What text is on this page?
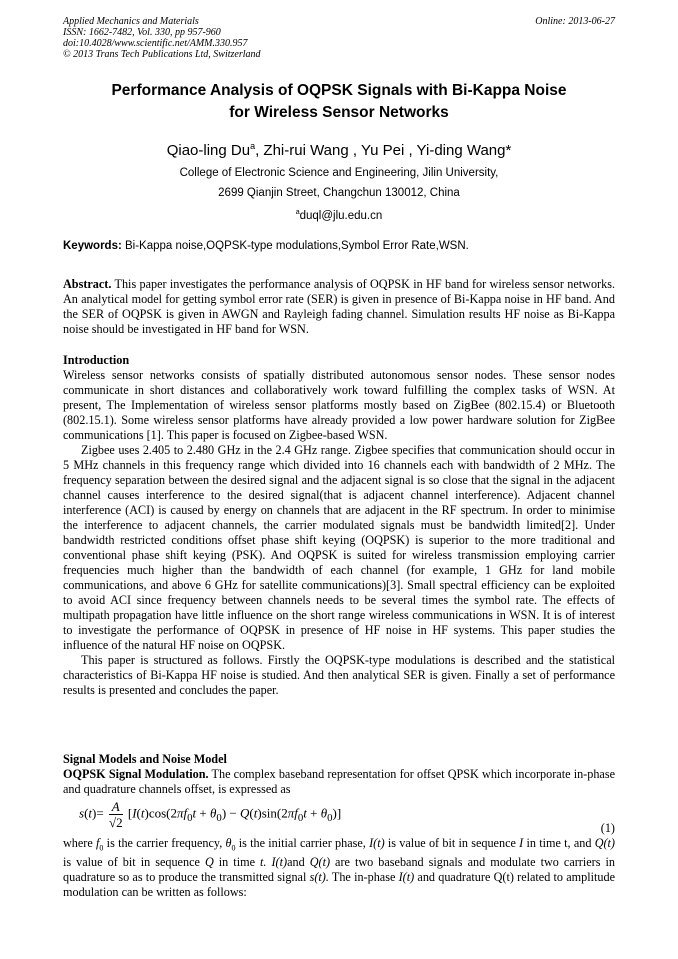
Applied Mechanics and Materials
ISSN: 1662-7482, Vol. 330, pp 957-960
doi:10.4028/www.scientific.net/AMM.330.957
© 2013 Trans Tech Publications Ltd, Switzerland
Online: 2013-06-27
Performance Analysis of OQPSK Signals with Bi-Kappa Noise
for Wireless Sensor Networks
Qiao-ling Du$^a$, Zhi-rui Wang , Yu Pei , Yi-ding Wang*
College of Electronic Science and Engineering, Jilin University,
2699 Qianjin Street, Changchun 130012, China
$^a$duql@jlu.edu.cn
Keywords: Bi-Kappa noise,OQPSK-type modulations,Symbol Error Rate,WSN.

Abstract. This paper investigates the performance analysis of OQPSK in HF band for wireless sensor networks. An analytical model for getting symbol error rate (SER) is given in presence of Bi-Kappa noise in HF band. And the SER of OQPSK is given in AWGN and Rayleigh fading channel. Simulation results HF noise as Bi-Kappa noise should be investigated in HF band for WSN.

Introduction

Wireless sensor networks consists of spatially distributed autonomous sensor nodes. These sensor nodes communicate in short distances and collaboratively work toward fulfilling the complex tasks of WSN. At present, The Implementation of wireless sensor platforms mostly based on ZigBee (802.15.4) or Bluetooth (802.15.1). Some wireless sensor platforms have already provided a low power hardware solution for ZigBee communications [1]. This paper is focused on Zigbee-based WSN.

Zigbee uses 2.405 to 2.480 GHz in the 2.4 GHz range. Zigbee specifies that communication should occur in 5 MHz channels in this frequency range which divided into 16 channels each with bandwidth of 2 MHz. The frequency separation between the desired signal and the adjacent signal is so close that the signal in the adjacent channel causes interference to the desired signal(that is adjacent channel interference). Adjacent channel interference (ACI) is caused by energy on channels that are adjacent in the RF spectrum. In order to minimise the interference to adjacent channels, the carrier modulated signals must be bandwidth limited[2]. Under bandwidth restricted conditions offset phase shift keying (OQPSK) is superior to the more traditional and conventional phase shift keying (PSK). And OQPSK is suited for wireless transmission employing carrier frequencies much higher than the bandwidth of each channel (for example, 1 GHz for land mobile communications, and above 6 GHz for satellite communications)[3]. Small spectral efficiency can be exploited to avoid ACI since frequency between channels needs to be several times the symbol rate. The effects of multipath propagation have little influence on the short range wireless communications in WSN. It is of interest to investigate the performance of OQPSK in presence of HF noise in HF systems. This paper studies the influence of the natural HF noise on OQPSK.

This paper is structured as follows. Firstly the OQPSK-type modulations is described and the statistical characteristics of Bi-Kappa HF noise is studied. And then analytical SER is given. Finally a set of performance results is presented and concludes the paper.

Signal Models and Noise Model

OQPSK Signal Modulation. The complex baseband representation for offset QPSK which incorporate in-phase and quadrature channels offset, is expressed as

$s(t)= \frac{A}{√2} [I(t)\cos(2\pi f_0t + \theta_0) - Q(t)\sin(2\pi f_0t + \theta_0)]$
(1)

where $f_0$ is the carrier frequency, $\theta_0$ is the initial carrier phase, I(t) is value of bit in sequence I in time t, and Q(t) is value of bit in sequence Q in time t. I(t)and Q(t) are two baseband signals and modulate two carriers in quadrature so as to produce the transmitted signal s(t). The in-phase I(t) and quadrature Q(t) related to amplitude modulation can be written as follows:
